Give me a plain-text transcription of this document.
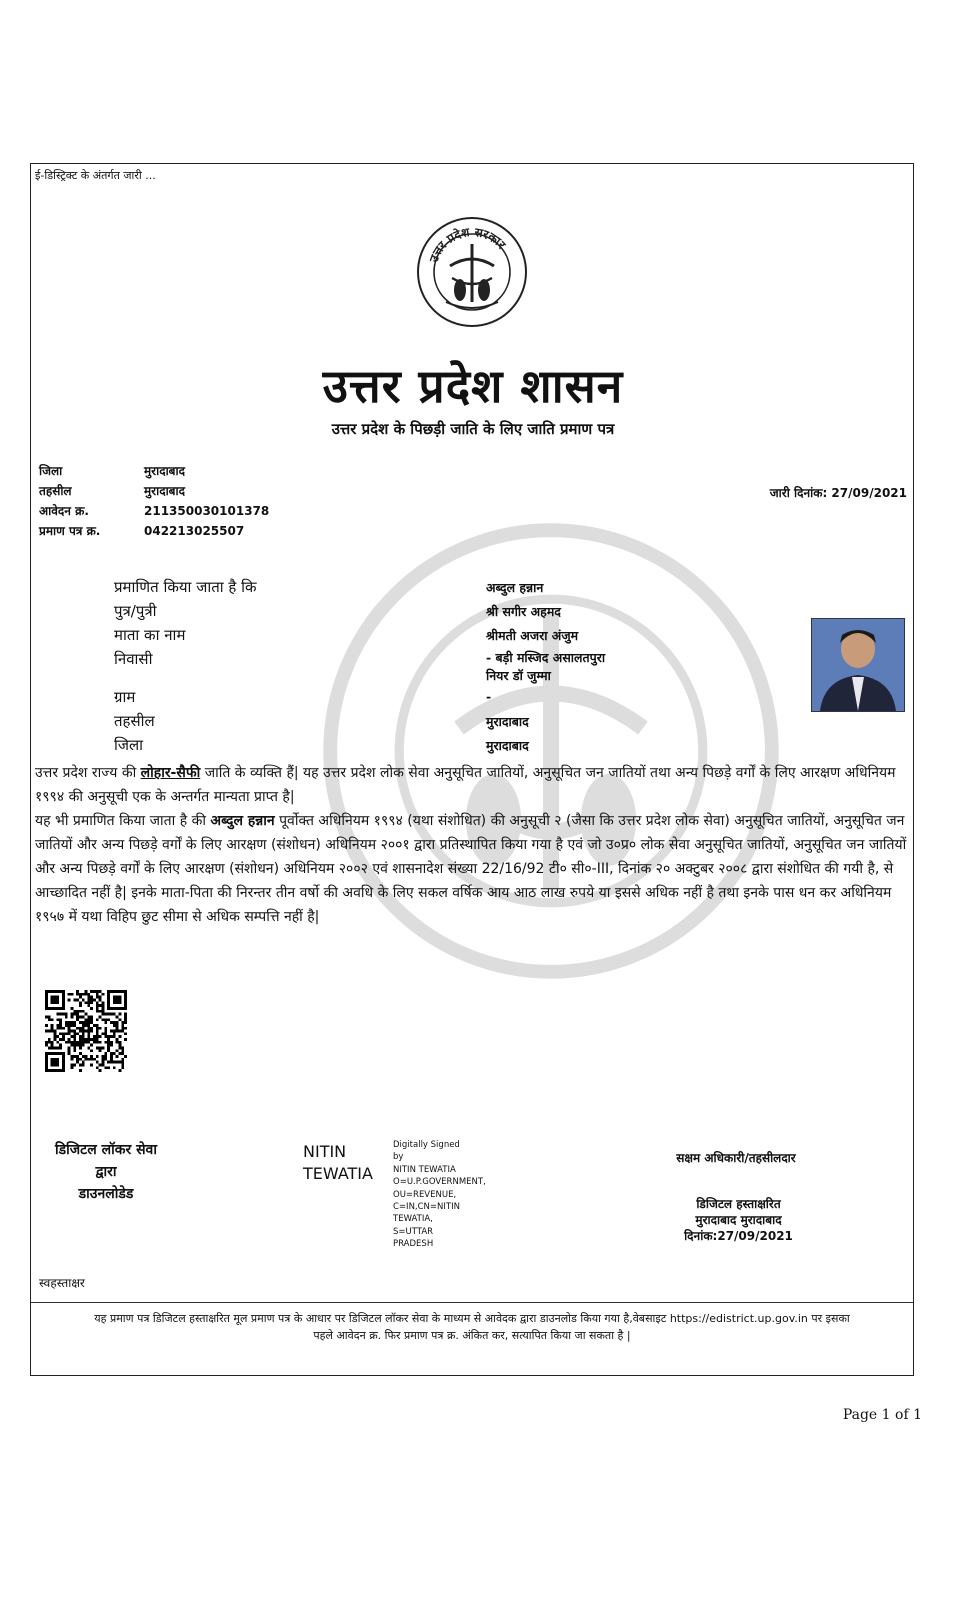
ई-डिस्ट्रिक्ट के अंतर्गत जारी ...
उत्तर प्रदेश सरकार
उत्तर प्रदेश शासन
उत्तर प्रदेश के पिछड़ी जाति के लिए जाति प्रमाण पत्र
जिला	मुरादाबाद
तहसील	मुरादाबाद
आवेदन क्र.	211350030101378
प्रमाण पत्र क्र.	042213025507
जारी दिनांक: 27/09/2021
प्रमाणित किया जाता है कि	अब्दुल हन्नान
पुत्र/पुत्री	श्री सगीर अहमद
माता का नाम	श्रीमती अजरा अंजुम
निवासी	- बड़ी मस्जिद असालतपुरा
नियर डॉ जुम्मा
ग्राम	-
तहसील	मुरादाबाद
जिला	मुरादाबाद
उत्तर प्रदेश राज्य की लोहार-सैफी जाति के व्यक्ति हैं| यह उत्तर प्रदेश लोक सेवा अनुसूचित जातियों, अनुसूचित जन जातियों तथा अन्य पिछड़े वर्गों के लिए आरक्षण अधिनियम १९९४ की अनुसूची एक के अन्तर्गत मान्यता प्राप्त है|
यह भी प्रमाणित किया जाता है की अब्दुल हन्नान पूर्वोक्त अधिनियम १९९४ (यथा संशोधित) की अनुसूची २ (जैसा कि उत्तर प्रदेश लोक सेवा) अनुसूचित जातियों, अनुसूचित जन जातियों और अन्य पिछड़े वर्गों के लिए आरक्षण (संशोधन) अधिनियम २००१ द्वारा प्रतिस्थापित किया गया है एवं जो उ०प्र० लोक सेवा अनुसूचित जातियों, अनुसूचित जन जातियों और अन्य पिछड़े वर्गों के लिए आरक्षण (संशोधन) अधिनियम २००२ एवं शासनादेश संख्या 22/16/92 टी० सी०-III, दिनांक २० अक्टुबर २००८ द्वारा संशोधित की गयी है, से आच्छादित नहीं है| इनके माता-पिता की निरन्तर तीन वर्षो की अवधि के लिए सकल वर्षिक आय आठ लाख रुपये या इससे अधिक नहीं है तथा इनके पास धन कर अधिनियम १९५७ में यथा विहिप छुट सीमा से अधिक सम्पत्ति नहीं है|
डिजिटल लॉकर सेवा
द्वारा
डाउनलोडेड
NITIN
TEWATIA
Digitally Signed
by
NITIN TEWATIA
O=U.P.GOVERNMENT,
OU=REVENUE,
C=IN,CN=NITIN
TEWATIA,
S=UTTAR
PRADESH
सक्षम अधिकारी/तहसीलदार
डिजिटल हस्ताक्षरित
मुरादाबाद मुरादाबाद
दिनांक:27/09/2021
स्वहस्ताक्षर
यह प्रमाण पत्र डिजिटल हस्ताक्षरित मूल प्रमाण पत्र के आधार पर डिजिटल लॉकर सेवा के माध्यम से आवेदक द्वारा डाउनलोड किया गया है,वेबसाइट https://edistrict.up.gov.in पर इसका
पहले आवेदन क्र. फिर प्रमाण पत्र क्र. अंकित कर, सत्यापित किया जा सकता है |
Page 1 of 1
